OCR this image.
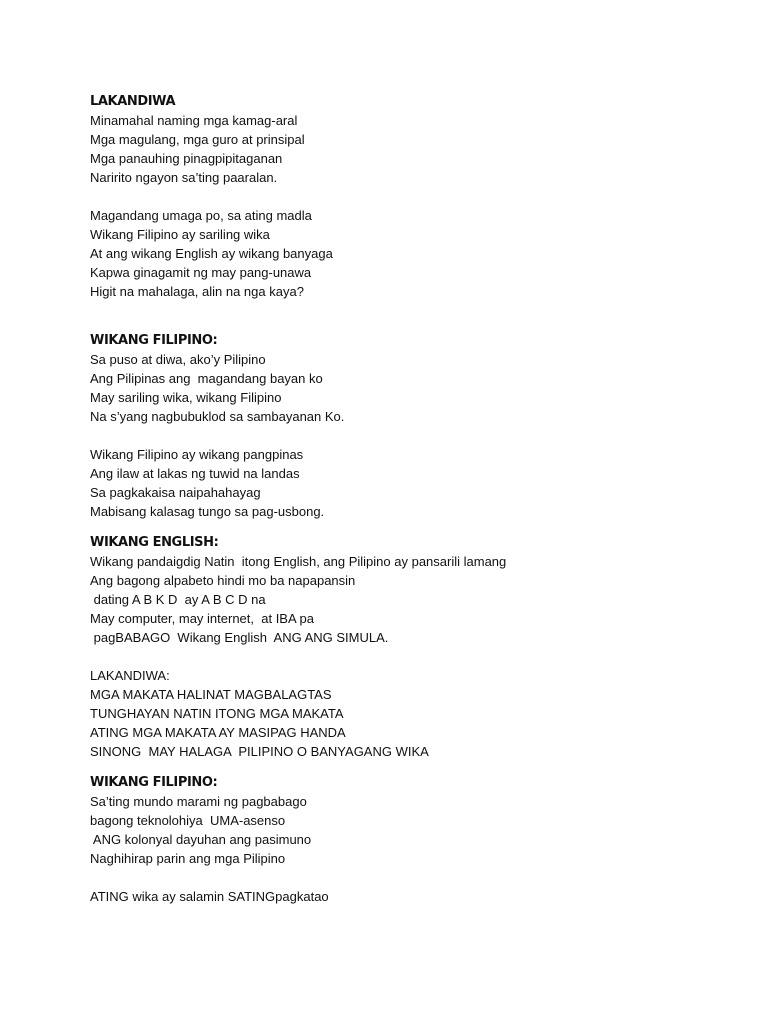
LAKANDIWA
Minamahal naming mga kamag-aral
Mga magulang, mga guro at prinsipal
Mga panauhing pinagpipitaganan
Naririto ngayon sa’ting paaralan.
Magandang umaga po, sa ating madla
Wikang Filipino ay sariling wika
At ang wikang English ay wikang banyaga
Kapwa ginagamit ng may pang-unawa
Higit na mahalaga, alin na nga kaya?
WIKANG FILIPINO:
Sa puso at diwa, ako’y Pilipino
Ang Pilipinas ang  magandang bayan ko
May sariling wika, wikang Filipino
Na s’yang nagbubuklod sa sambayanan Ko.
Wikang Filipino ay wikang pangpinas
Ang ilaw at lakas ng tuwid na landas
Sa pagkakaisa naipahahayag
Mabisang kalasag tungo sa pag-usbong.
WIKANG ENGLISH:
Wikang pandaigdig Natin  itong English, ang Pilipino ay pansarili lamang
Ang bagong alpabeto hindi mo ba napapansin
dating A B K D  ay A B C D na
May computer, may internet,  at IBA pa
pagBABAGO  Wikang English  ANG ANG SIMULA.
LAKANDIWA:
MGA MAKATA HALINAT MAGBALAGTAS
TUNGHAYAN NATIN ITONG MGA MAKATA
ATING MGA MAKATA AY MASIPAG HANDA
SINONG  MAY HALAGA  PILIPINO O BANYAGANG WIKA
WIKANG FILIPINO:
Sa’ting mundo marami ng pagbabago
bagong teknolohiya  UMA-asenso
ANG kolonyal dayuhan ang pasimuno
Naghihirap parin ang mga Pilipino
ATING wika ay salamin SATINGpagkatao
